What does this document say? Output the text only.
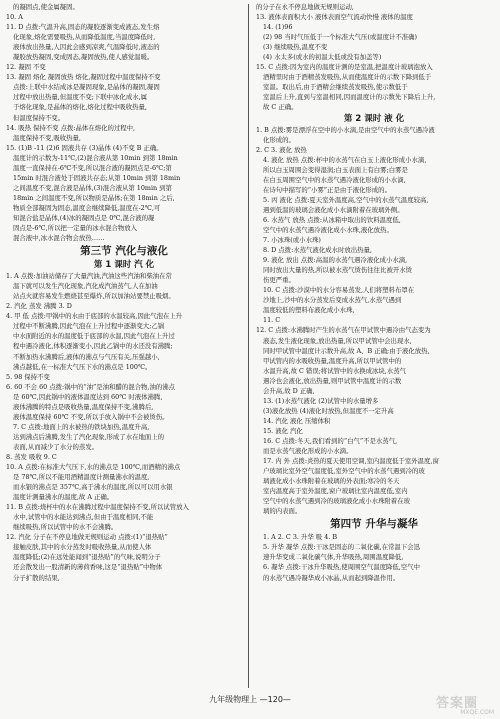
的凝固点,使金属凝固。
10. A
11. D 点拨:气温升高,固态的凝胶逐渐变成液态,发生熔
化现象,熔化需要吸热,从而降低温度,当温度降低时,
液体放出热量,人因此会感到凉爽,气温降低时,液态的
凝胶放热凝固,变成固态,凝固放热,使人感觉温暖。
12. 凝固 不变
13. 凝固 熔化 凝固放热 熔化,凝固过程中温度保持不变
点拨:上联中水结成冰是凝固现象,是晶体的凝固,凝固
过程中放出热量,但温度不变;下联中冰化成水,属
于熔化现象,是晶体的熔化,熔化过程中吸收热量,
但温度保持不变。
14. 吸热 保持不变 点拨:晶体在熔化的过程中,
温度保持不变,吸收热量,
15. (1)B -11 (2)6 固液共存 (3)晶体 (4)不变 B 正确。
温度计的示数为-11℃,(2)混合液从第 10min 到第 18min
温度一直保持在-6℃不变,所以混合液的凝固点是-6℃;第
15min 时混合液处于固液共存态;从第 10min 到第 18min
之间温度不变,混合液是晶体,(3)混合液从第 10min 到第
18min 之间温度不变,所以物质是晶体;在第 18min 之后,
物质全部凝固为固态,温度会继续降低,温度在-2℃,可
知混合盐是晶体,(4)冰的凝固点是 0℃,混合液的凝
固点是-6℃,所以把一定量的冰水混合物放入
混合液中,冰水混合物会放热……
第三节 汽化与液化
第 1 课时 汽 化
1. A 点拨:加油站储存了大量汽油,汽油这些汽油和柴油在常
温下就可以发生汽化现象,汽化成汽油蒸气,人在加油
站点火就容易发生燃烧甚至爆炸,所以加油站要禁止吸烟。
2. 汽化 蒸发 沸腾 3. D
4. 甲 低 点拨:甲锅中的水由于底部的水温较高,因此气泡在上升
过程中不断沸腾,因此气泡在上升过程中逐渐变大;乙锅
中水面附近的水的温度低于底部的水温,因此气泡在上升过
程中遇冷液化,体积逐渐变小,因此乙锅中的水还没有沸腾;
不断加热水沸腾后,液体的沸点与气压有关,压强越小,
沸点越低,在一标准大气压下水的沸点是 100℃。
5. 98 保持不变
6. 60 不会 60 点拨:锅中的“油”是油和醋的混合物,油的沸点
是 60℃,因此锅中的液体温度达到 60℃ 时液体沸腾,
液体沸腾的特点是吸收热量,温度保持不变,沸腾后,
液体温度保持 60℃ 不变,所以手放入锅中不会被烫伤。
7. C 点拨:地面上的水被热的铁块加热,温度升高,
达到沸点后沸腾,发生了汽化现象,形成了水在地面上的
表面,从而减少了水分的蒸发。
8. 蒸发 吸收 9. C
10. A 点拨:在标准大气压下,水的沸点是 100℃,而酒精的沸点
是 78℃,所以不能用酒精温度计测量沸水的温度,
而水银的沸点是 357℃,高于沸水的温度,所以可以用水银
温度计测量沸水的温度,故 A 正确。
11. B 点拨:烧杯中的水在沸腾过程中温度保持不变,所以试管放入
水中,试管中的水能达到沸点,但由于温度相同,不能
继续吸热,所以试管中的水不会沸腾。
12. 汽化 分子在不停息地做无规则运动 点拨:(1)“退热贴”
接触皮肤,其中的水分蒸发时吸收热量,从而使人体
温度降低;(2)在远处能闻到“退热贴”的气味,说明分子
还会散发出一股清新的薄荷香味,这是“退热贴”中物体
分子扩散的结果,
的分子在永不停息地做无规则运动,
13. 液体表面积大小 液体表面空气流动快慢 液体的温度
14. (1)96
(2) 98 当时气压低于一个标准大气压(或温度计不准确)
(3) 继续吸热,温度不变
(4) 水太多(或水的初温太低或没有加盖等)
15. C 点拨:因为室内的温度计测的是室温,把温度计玻璃泡放入
酒精里时由于酒精蒸发吸热,从而使温度计的示数下降到低于
室温。取出后,由于酒精会继续蒸发吸热,使示数低于
室温后上升,直到与室温相同,因而温度计的示数先下降后上升,
故 C 正确。
第 2 课时 液 化
1. B 点拨:雾是漂浮在空中的小水滴,是由空气中的水蒸气遇冷液
化形成的。
2. C 3. 液化 放热
4. 液化 放热 点拨:杯中的水蒸气在白玉上液化形成小水滴,
所以白玉周围会变得湿润;白玉表面上有白雾;白雾是
在白玉周围空气中的水蒸气遇冷液化形成的小水滴,
在诗句中描写的“小雾”正是由于液化形成的。
5. 丙 液化 点拨:夏天室外温度高,空气中的水蒸气温度较高,
遇到低温的玻璃会液化成小水滴附着在玻璃外侧。
6. 水蒸气 放热 点拨:从冰箱中取出的饮料温度低,
空气中的水蒸气遇冷液化成小水珠,液化放热。
7. 小冰珠(或小水珠)
8. D 点拨:水蒸气液化成水时放出热量,
9. 液化 放出 点拨:高温的水蒸气遇冷液化成小水滴,
同时放出大量的热,所以被水蒸气烫伤往往比被开水烫
伤更严重。
10. C 点拨:沙漠中的水分容易蒸发,人们将塑料布罩在
沙地上,沙中的水分蒸发后变成水蒸气,水蒸气遇到
温度较低的塑料布液化成小水珠,
11. C
12. C 点拨:水沸腾时产生的水蒸气在甲试管中遇冷由气态变为
液态,发生液化现象,放出热量,所以甲试管中会出现水,
同时甲试管中温度计示数升高,故 A、B 正确;由于液化放热,
甲试管内的水吸收热量,温度升高,所以甲试管中的
水温升高,故 C 错误;将试管中的水换成冰块,水蒸气
遇冷也会液化,放出热量,则甲试管中温度计的示数
会升高,故 D 正确,
13. (1)水蒸气液化 (2)试管中的水量增多
(3)液化放热 (4)液化时放热,但温度不一定升高
14. 汽化 液化 压缩体积
15. 液化 汽化
16. C 点拨:冬天,我们看到的“白气”不是水蒸气,
而是水蒸气液化形成的小水滴。
17. 内 外 点拨:炎热的夏天使用空调,室内温度低于室外温度,窗
户玻璃比室外空气温度低,室外空气中的水蒸气遇到冷的玻
璃液化成小水珠附着在玻璃的外表面;寒冷的冬天
室内温度高于室外温度,窗户玻璃比室内温度低,室内
空气中的水蒸气遇到冷的玻璃液化成小水珠附着在玻
璃的内表面。
第四节 升华与凝华
1. A 2. C 3. 升华 吸 4. B
5. 升华 凝华 点拨:干冰是固态的二氧化碳,在常温下会迅
速升华变成二氧化碳气体,升华吸热,周围温度降低,
6. 凝华 点拨:干冰升华吸热,使周围空气温度降低,空气中
的水蒸气遇冷凝华成小冰晶,从而起到降温作用。
九年级物理上 —120—	答案圈
MXQE.COM
